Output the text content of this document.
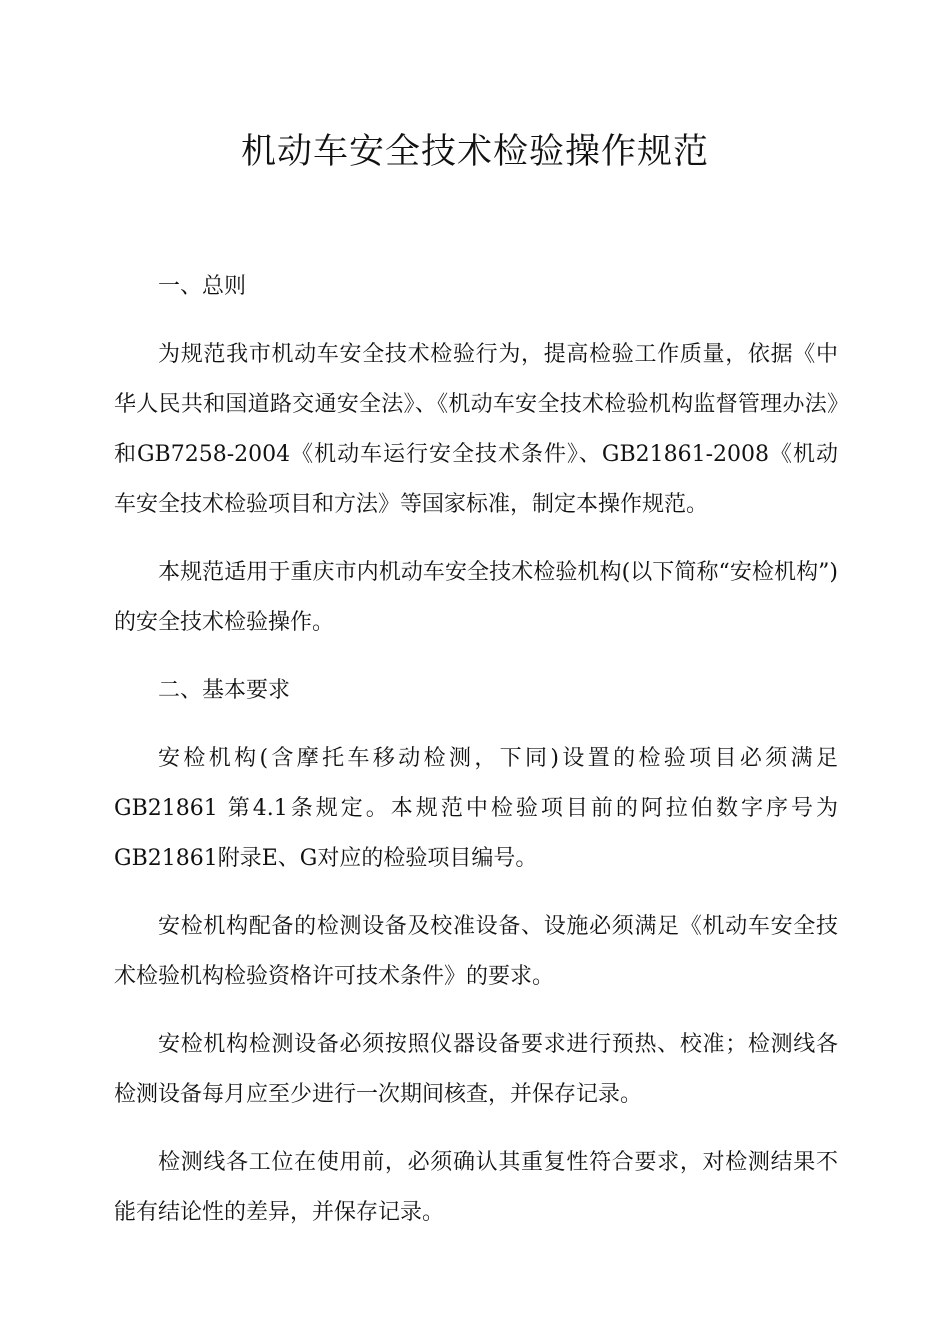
机动车安全技术检验操作规范

一、总则

为规范我市机动车安全技术检验行为，提高检验工作质量，依据《中华人民共和国道路交通安全法》、《机动车安全技术检验机构监督管理办法》和GB7258-2004《机动车运行安全技术条件》、GB21861-2008《机动车安全技术检验项目和方法》等国家标准，制定本操作规范。

本规范适用于重庆市内机动车安全技术检验机构(以下简称“安检机构”)的安全技术检验操作。

二、基本要求

安检机构(含摩托车移动检测，下同)设置的检验项目必须满足GB21861 第4.1条规定。本规范中检验项目前的阿拉伯数字序号为GB21861附录E、G对应的检验项目编号。

安检机构配备的检测设备及校准设备、设施必须满足《机动车安全技术检验机构检验资格许可技术条件》的要求。

安检机构检测设备必须按照仪器设备要求进行预热、校准；检测线各检测设备每月应至少进行一次期间核查，并保存记录。

检测线各工位在使用前，必须确认其重复性符合要求，对检测结果不能有结论性的差异，并保存记录。
